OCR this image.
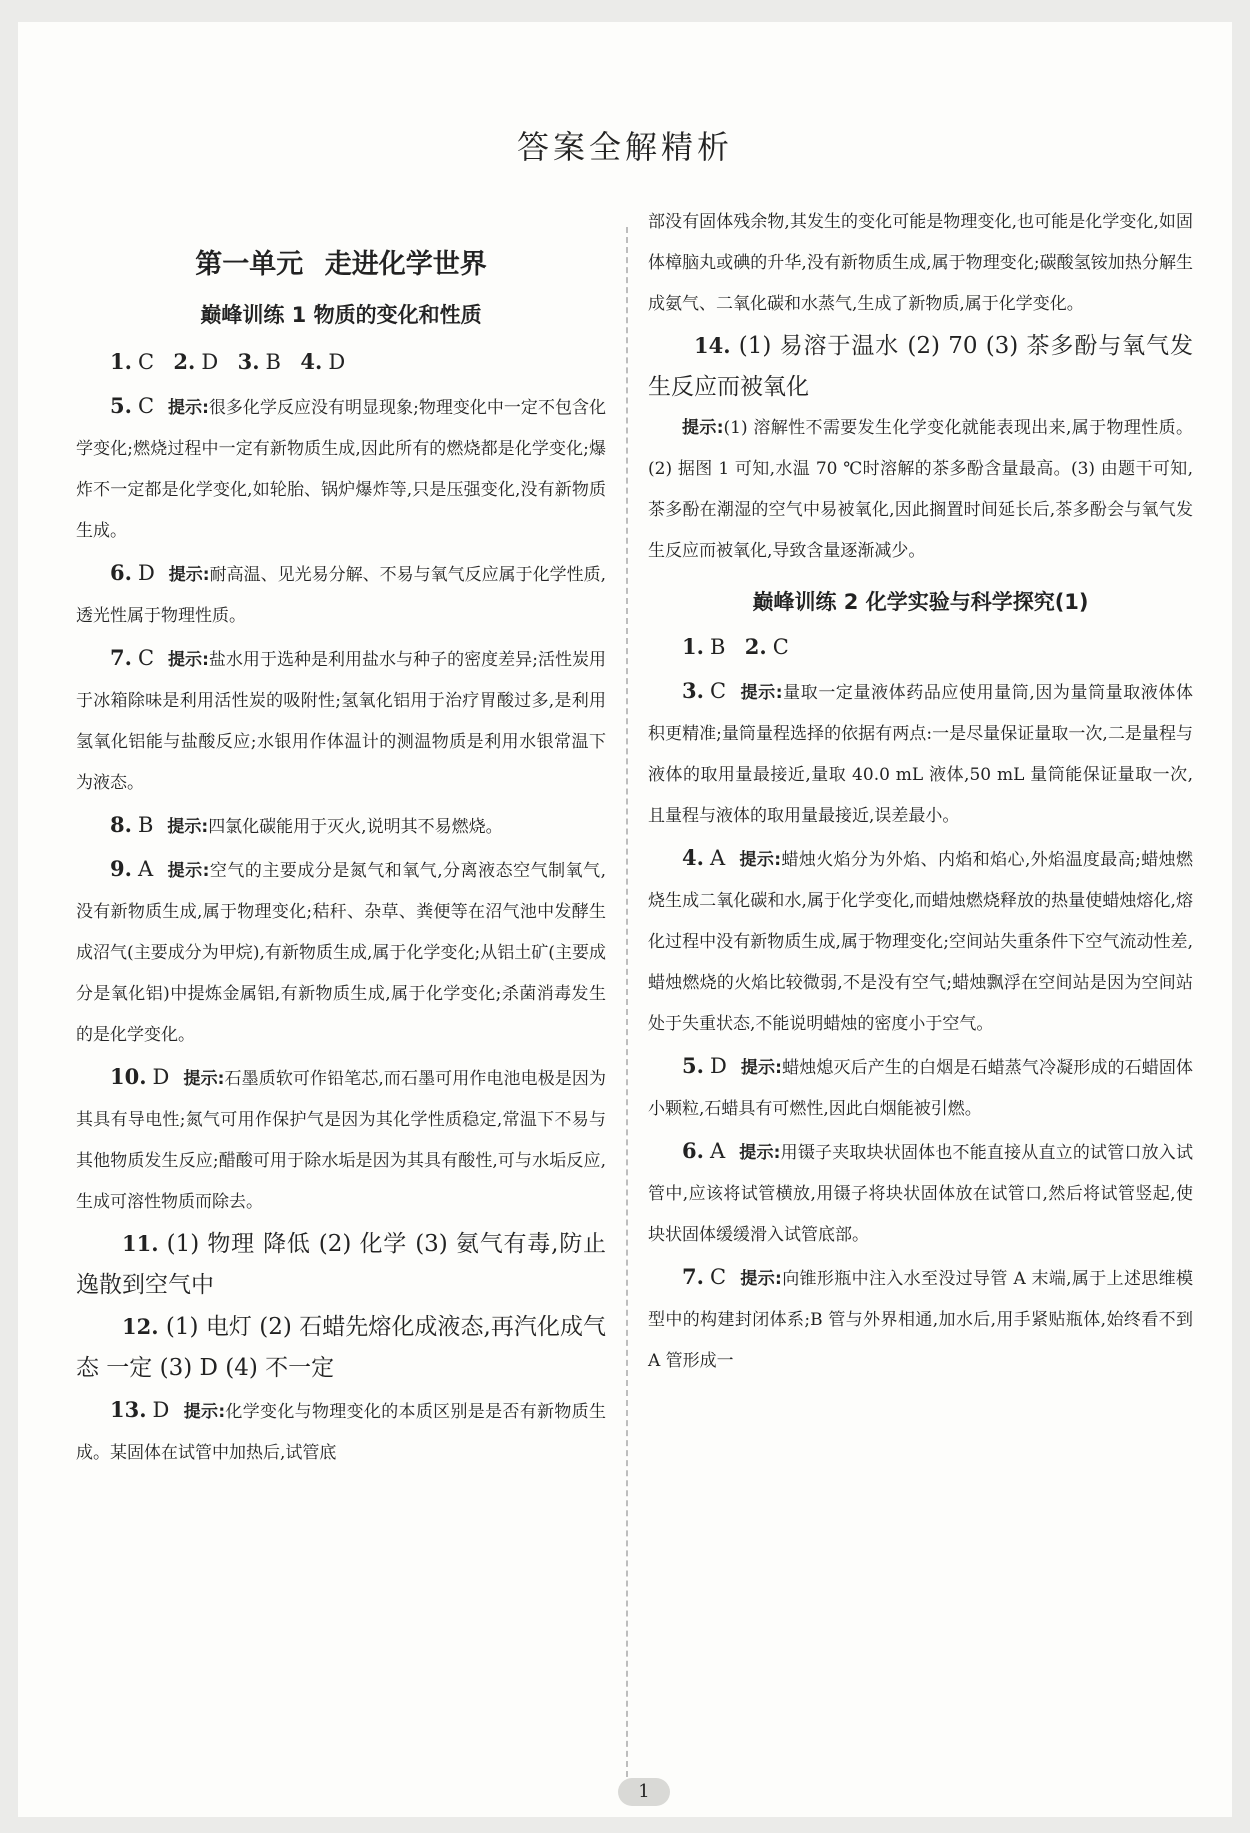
答案全解精析
第一单元 走进化学世界
巅峰训练 1 物质的变化和性质

1. C 2. D 3. B 4. D

5. C 提示:很多化学反应没有明显现象;物理变化中一定不包含化学变化;燃烧过程中一定有新物质生成,因此所有的燃烧都是化学变化;爆炸不一定都是化学变化,如轮胎、锅炉爆炸等,只是压强变化,没有新物质生成。

6. D 提示:耐高温、见光易分解、不易与氧气反应属于化学性质,透光性属于物理性质。

7. C 提示:盐水用于选种是利用盐水与种子的密度差异;活性炭用于冰箱除味是利用活性炭的吸附性;氢氧化铝用于治疗胃酸过多,是利用氢氧化铝能与盐酸反应;水银用作体温计的测温物质是利用水银常温下为液态。

8. B 提示:四氯化碳能用于灭火,说明其不易燃烧。

9. A 提示:空气的主要成分是氮气和氧气,分离液态空气制氧气,没有新物质生成,属于物理变化;秸秆、杂草、粪便等在沼气池中发酵生成沼气(主要成分为甲烷),有新物质生成,属于化学变化;从铝土矿(主要成分是氧化铝)中提炼金属铝,有新物质生成,属于化学变化;杀菌消毒发生的是化学变化。

10. D 提示:石墨质软可作铅笔芯,而石墨可用作电池电极是因为其具有导电性;氮气可用作保护气是因为其化学性质稳定,常温下不易与其他物质发生反应;醋酸可用于除水垢是因为其具有酸性,可与水垢反应,生成可溶性物质而除去。

11. (1) 物理 降低 (2) 化学 (3) 氨气有毒,防止逸散到空气中

12. (1) 电灯 (2) 石蜡先熔化成液态,再汽化成气态 一定 (3) D (4) 不一定

13. D 提示:化学变化与物理变化的本质区别是是否有新物质生成。某固体在试管中加热后,试管底

部没有固体残余物,其发生的变化可能是物理变化,也可能是化学变化,如固体樟脑丸或碘的升华,没有新物质生成,属于物理变化;碳酸氢铵加热分解生成氨气、二氧化碳和水蒸气,生成了新物质,属于化学变化。

14. (1) 易溶于温水 (2) 70 (3) 茶多酚与氧气发生反应而被氧化

提示:(1) 溶解性不需要发生化学变化就能表现出来,属于物理性质。(2) 据图 1 可知,水温 70 ℃时溶解的茶多酚含量最高。(3) 由题干可知,茶多酚在潮湿的空气中易被氧化,因此搁置时间延长后,茶多酚会与氧气发生反应而被氧化,导致含量逐渐减少。

巅峰训练 2 化学实验与科学探究(1)

1. B 2. C

3. C 提示:量取一定量液体药品应使用量筒,因为量筒量取液体体积更精准;量筒量程选择的依据有两点:一是尽量保证量取一次,二是量程与液体的取用量最接近,量取 40.0 mL 液体,50 mL 量筒能保证量取一次,且量程与液体的取用量最接近,误差最小。

4. A 提示:蜡烛火焰分为外焰、内焰和焰心,外焰温度最高;蜡烛燃烧生成二氧化碳和水,属于化学变化,而蜡烛燃烧释放的热量使蜡烛熔化,熔化过程中没有新物质生成,属于物理变化;空间站失重条件下空气流动性差,蜡烛燃烧的火焰比较微弱,不是没有空气;蜡烛飘浮在空间站是因为空间站处于失重状态,不能说明蜡烛的密度小于空气。

5. D 提示:蜡烛熄灭后产生的白烟是石蜡蒸气冷凝形成的石蜡固体小颗粒,石蜡具有可燃性,因此白烟能被引燃。

6. A 提示:用镊子夹取块状固体也不能直接从直立的试管口放入试管中,应该将试管横放,用镊子将块状固体放在试管口,然后将试管竖起,使块状固体缓缓滑入试管底部。

7. C 提示:向锥形瓶中注入水至没过导管 A 末端,属于上述思维模型中的构建封闭体系;B 管与外界相通,加水后,用手紧贴瓶体,始终看不到 A 管形成一

1
